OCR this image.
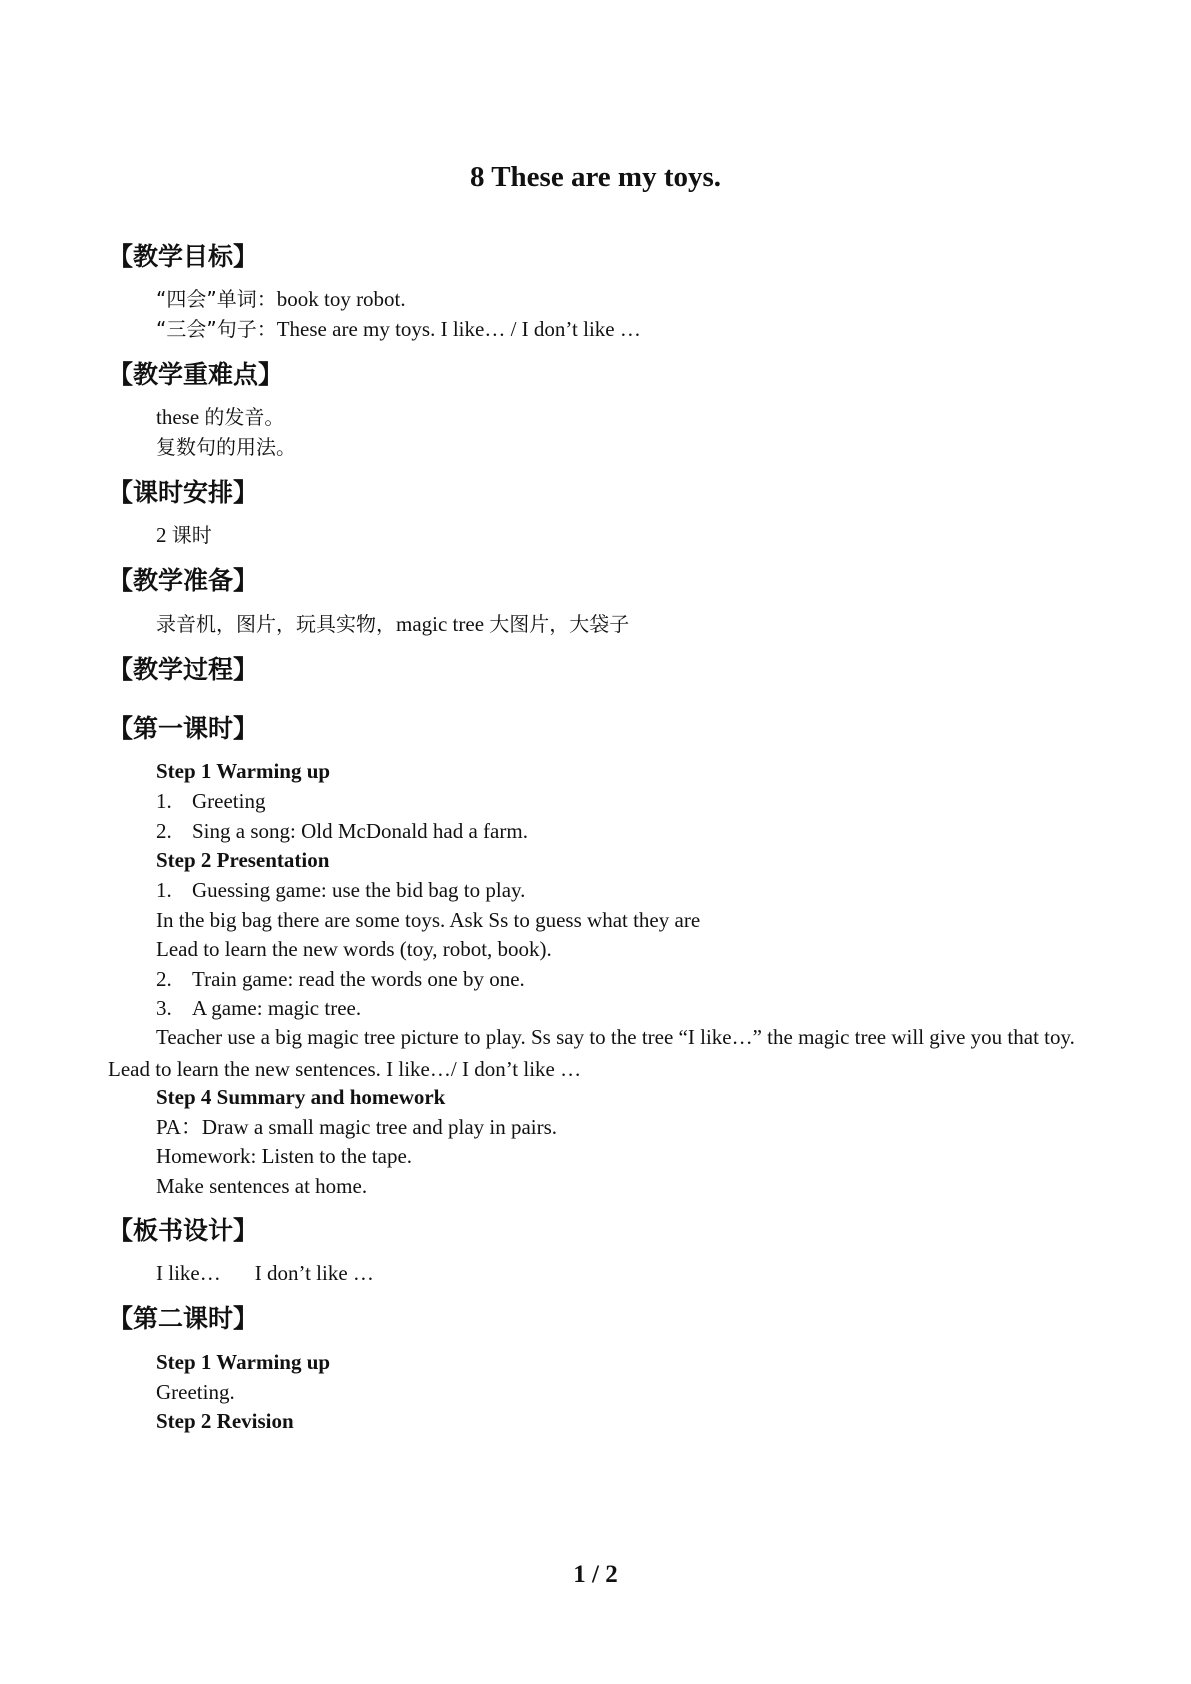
8 These are my toys.
【教学目标】

“四会”单词：book toy robot.

“三会”句子：These are my toys. I like… / I don’t like …

【教学重难点】

these 的发音。

复数句的用法。

【课时安排】

2 课时

【教学准备】

录音机，图片，玩具实物，magic tree 大图片，大袋子

【教学过程】
【第一课时】

Step 1 Warming up

1. Greeting

2. Sing a song: Old McDonald had a farm.

Step 2 Presentation

1. Guessing game: use the bid bag to play.

In the big bag there are some toys. Ask Ss to guess what they are

Lead to learn the new words (toy, robot, book).

2. Train game: read the words one by one.

3. A game: magic tree.

Teacher use a big magic tree picture to play. Ss say to the tree “I like…” the magic tree will give you that toy. Lead to learn the new sentences. I like…/ I don’t like …

Step 4 Summary and homework

PA：Draw a small magic tree and play in pairs.

Homework: Listen to the tape.

Make sentences at home.

【板书设计】

I like… I don’t like …

【第二课时】

Step 1 Warming up

Greeting.

Step 2 Revision

1 / 2
